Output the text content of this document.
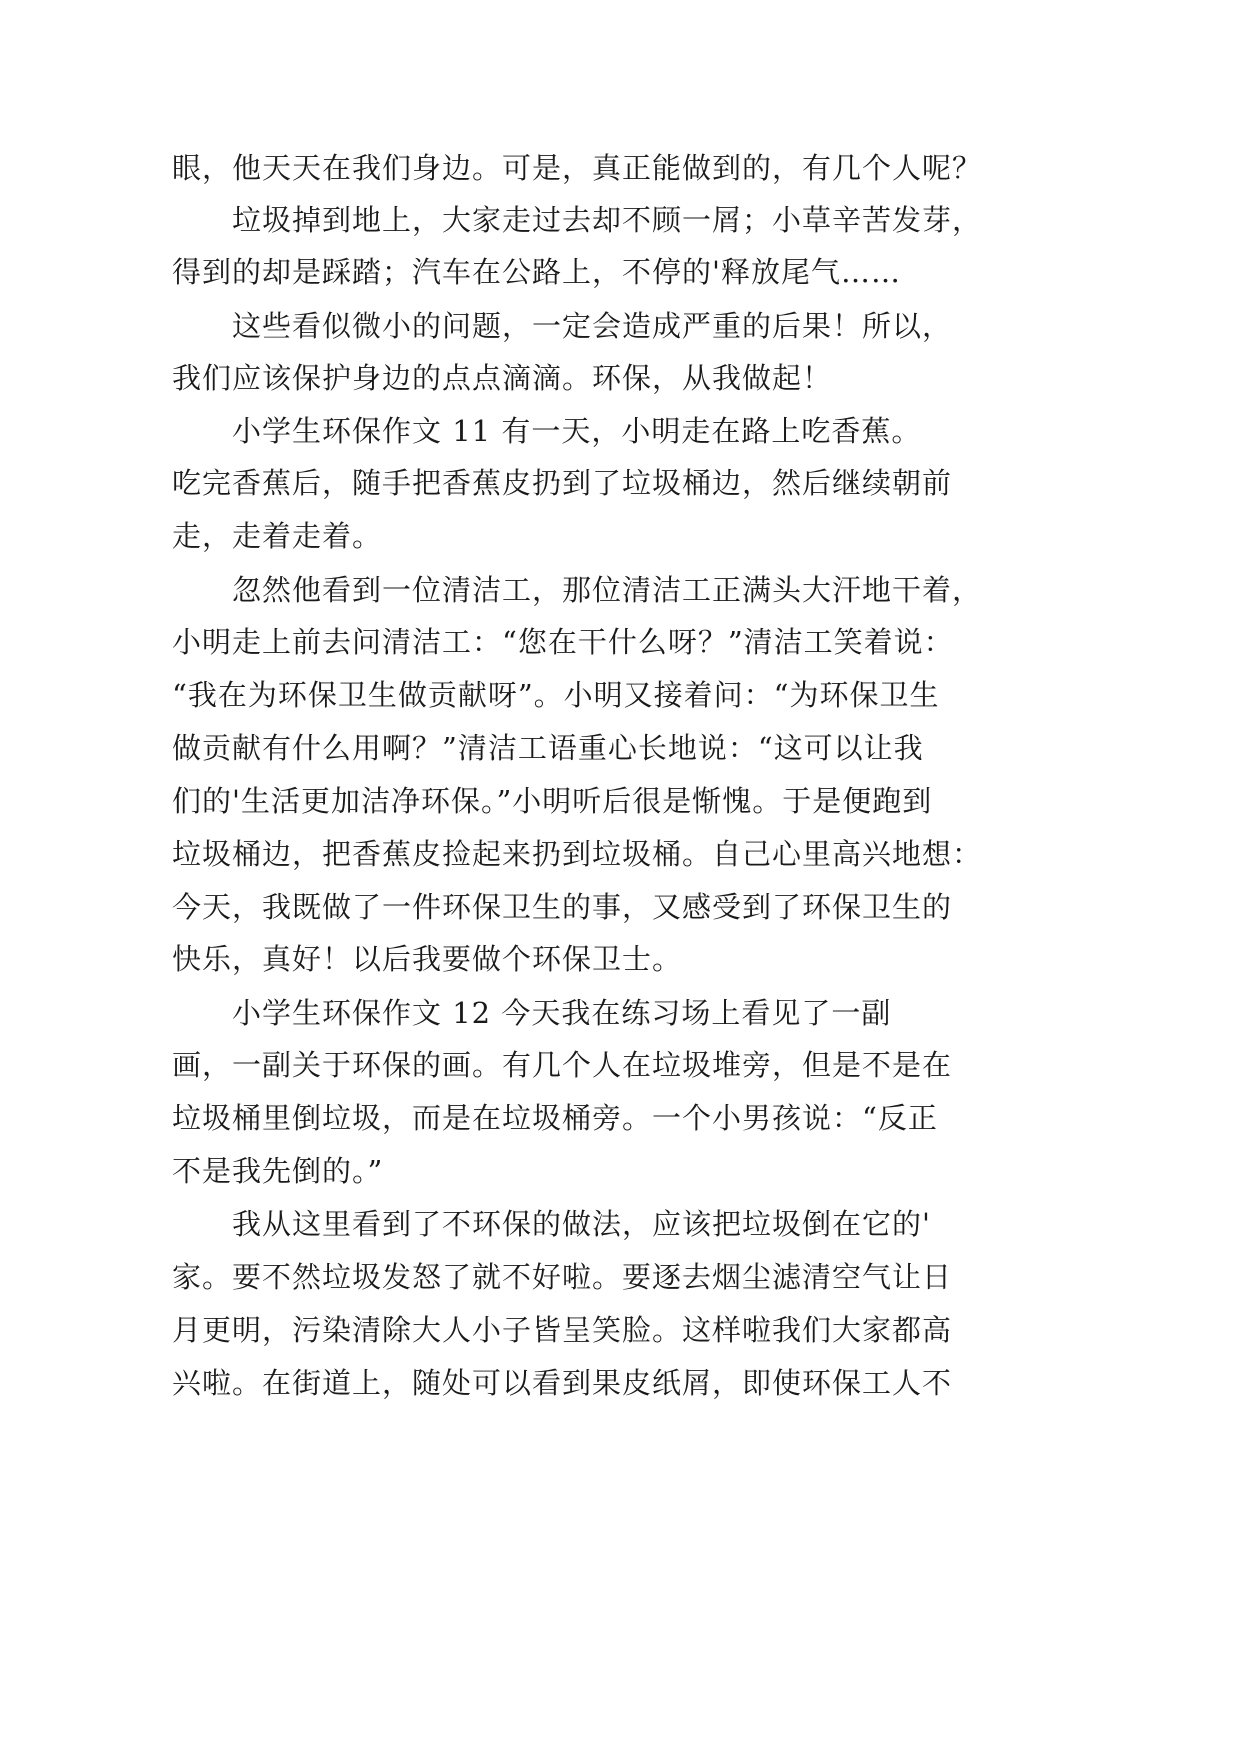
眼，他天天在我们身边。可是，真正能做到的，有几个人呢？
垃圾掉到地上，大家走过去却不顾一屑；小草辛苦发芽，
得到的却是踩踏；汽车在公路上，不停的'释放尾气……
这些看似微小的问题，一定会造成严重的后果！所以，
我们应该保护身边的点点滴滴。环保，从我做起！
小学生环保作文 11 有一天，小明走在路上吃香蕉。
吃完香蕉后，随手把香蕉皮扔到了垃圾桶边，然后继续朝前
走，走着走着。
忽然他看到一位清洁工，那位清洁工正满头大汗地干着，
小明走上前去问清洁工：“您在干什么呀？”清洁工笑着说：
“我在为环保卫生做贡献呀”。小明又接着问：“为环保卫生
做贡献有什么用啊？”清洁工语重心长地说：“这可以让我
们的'生活更加洁净环保。”小明听后很是惭愧。于是便跑到
垃圾桶边，把香蕉皮捡起来扔到垃圾桶。自己心里高兴地想：
今天，我既做了一件环保卫生的事，又感受到了环保卫生的
快乐，真好！以后我要做个环保卫士。
小学生环保作文 12 今天我在练习场上看见了一副
画，一副关于环保的画。有几个人在垃圾堆旁，但是不是在
垃圾桶里倒垃圾，而是在垃圾桶旁。一个小男孩说：“反正
不是我先倒的。”
我从这里看到了不环保的做法，应该把垃圾倒在它的'
家。要不然垃圾发怒了就不好啦。要逐去烟尘滤清空气让日
月更明，污染清除大人小子皆呈笑脸。这样啦我们大家都高
兴啦。在街道上，随处可以看到果皮纸屑，即使环保工人不
